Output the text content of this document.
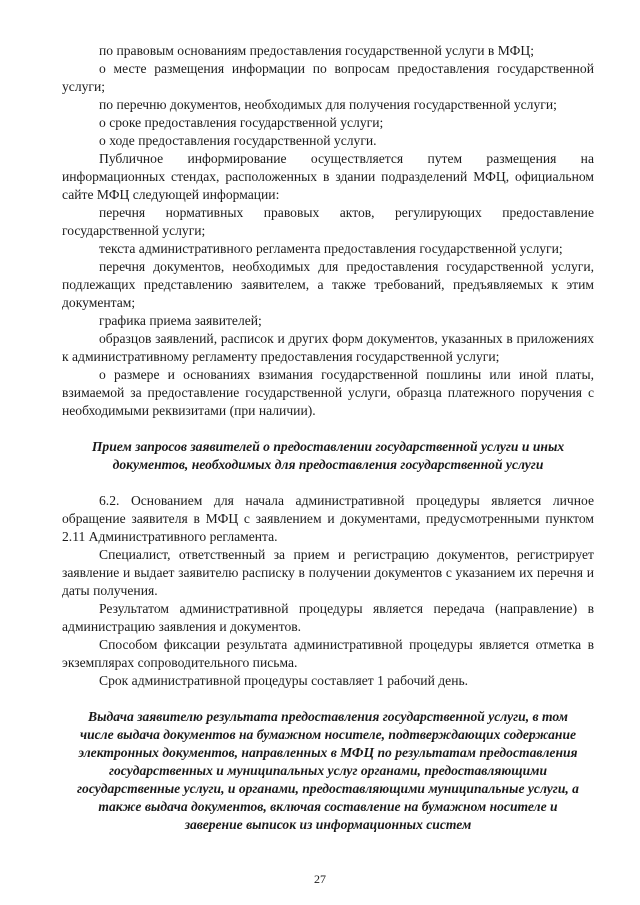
по правовым основаниям предоставления государственной услуги в МФЦ;

о месте размещения информации по вопросам предоставления государственной услуги;

по перечню документов, необходимых для получения государственной услуги;

о сроке предоставления государственной услуги;

о ходе предоставления государственной услуги.

Публичное информирование осуществляется путем размещения на информационных стендах, расположенных в здании подразделений МФЦ, официальном сайте МФЦ следующей информации:

перечня нормативных правовых актов, регулирующих предоставление государственной услуги;

текста административного регламента предоставления государственной услуги;

перечня документов, необходимых для предоставления государственной услуги, подлежащих представлению заявителем, а также требований, предъявляемых к этим документам;

графика приема заявителей;

образцов заявлений, расписок и других форм документов, указанных в приложениях к административному регламенту предоставления государственной услуги;

о размере и основаниях взимания государственной пошлины или иной платы, взимаемой за предоставление государственной услуги, образца платежного поручения с необходимыми реквизитами (при наличии).

Прием запросов заявителей о предоставлении государственной услуги и иных документов, необходимых для предоставления государственной услуги

6.2. Основанием для начала административной процедуры является личное обращение заявителя в МФЦ с заявлением и документами, предусмотренными пунктом 2.11 Административного регламента.

Специалист, ответственный за прием и регистрацию документов, регистрирует заявление и выдает заявителю расписку в получении документов с указанием их перечня и даты получения.

Результатом административной процедуры является передача (направление) в администрацию заявления и документов.

Способом фиксации результата административной процедуры является отметка в экземплярах сопроводительного письма.

Срок административной процедуры составляет 1 рабочий день.

Выдача заявителю результата предоставления государственной услуги, в том числе выдача документов на бумажном носителе, подтверждающих содержание электронных документов, направленных в МФЦ по результатам предоставления государственных и муниципальных услуг органами, предоставляющими государственные услуги, и органами, предоставляющими муниципальные услуги, а также выдача документов, включая составление на бумажном носителе и заверение выписок из информационных систем

27
